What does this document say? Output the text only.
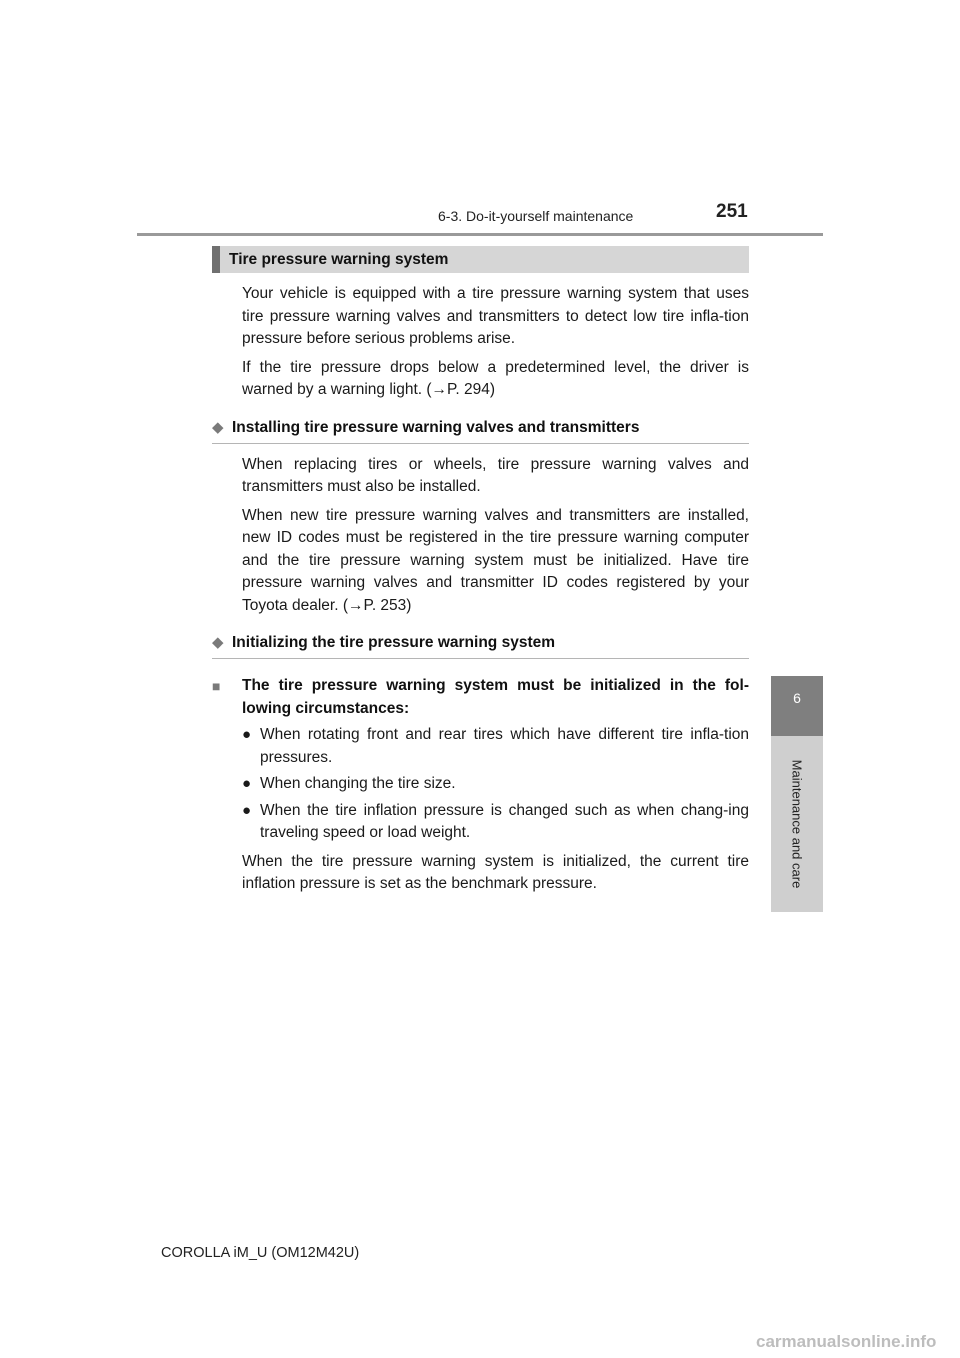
6-3. Do-it-yourself maintenance	251
6
Maintenance and care
Tire pressure warning system

Your vehicle is equipped with a tire pressure warning system that uses tire pressure warning valves and transmitters to detect low tire infla-tion pressure before serious problems arise.

If the tire pressure drops below a predetermined level, the driver is warned by a warning light. (→P. 294)

◆ Installing tire pressure warning valves and transmitters

When replacing tires or wheels, tire pressure warning valves and transmitters must also be installed.

When new tire pressure warning valves and transmitters are installed, new ID codes must be registered in the tire pressure warning computer and the tire pressure warning system must be initialized. Have tire pressure warning valves and transmitter ID codes registered by your Toyota dealer. (→P. 253)

◆ Initializing the tire pressure warning system
■	The tire pressure warning system must be initialized in the fol-lowing circumstances:
● When rotating front and rear tires which have different tire infla-tion pressures.

● When changing the tire size.

● When the tire inflation pressure is changed such as when chang-ing traveling speed or load weight.

When the tire pressure warning system is initialized, the current tire inflation pressure is set as the benchmark pressure.

COROLLA iM_U (OM12M42U)
carmanualsonline.info
